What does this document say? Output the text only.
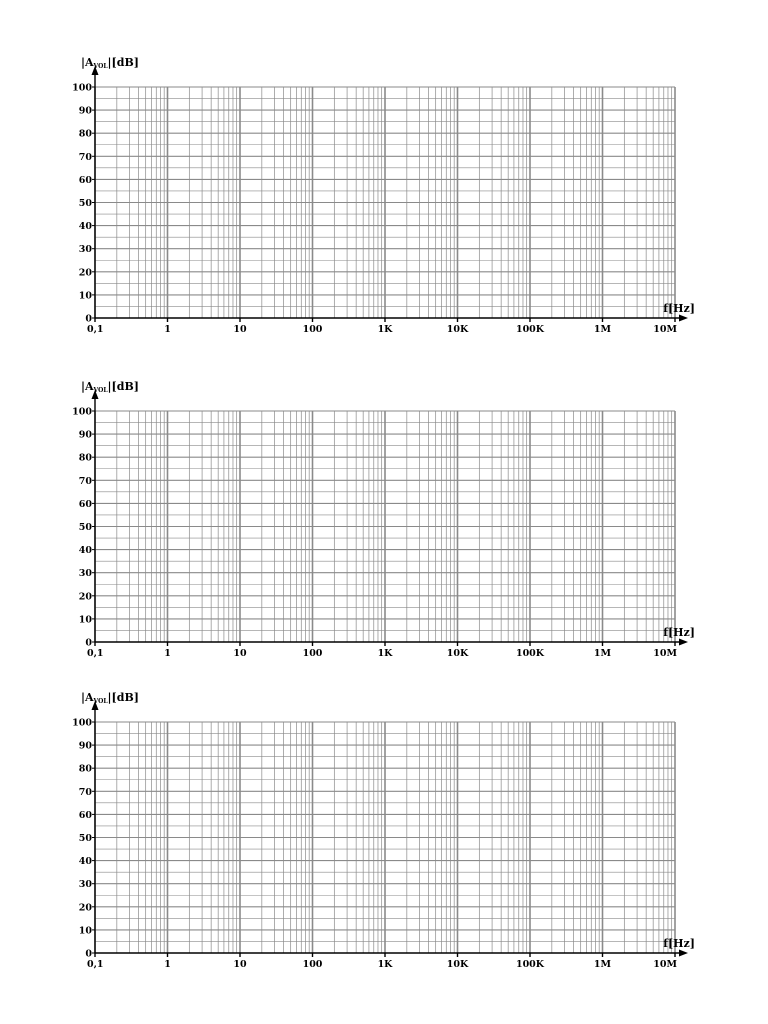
0
10
20
30
40
50
60
70
80
90
100
0,1	1	10	100	1K	10K	100K	1M	10M
|AVOL|[dB]
f[Hz]
0
10
20
30
40
50
60
70
80
90
100
0,1	1	10	100	1K	10K	100K	1M	10M
|AVOL|[dB]
f[Hz]
0
10
20
30
40
50
60
70
80
90
100
0,1	1	10	100	1K	10K	100K	1M	10M
|AVOL|[dB]
f[Hz]
